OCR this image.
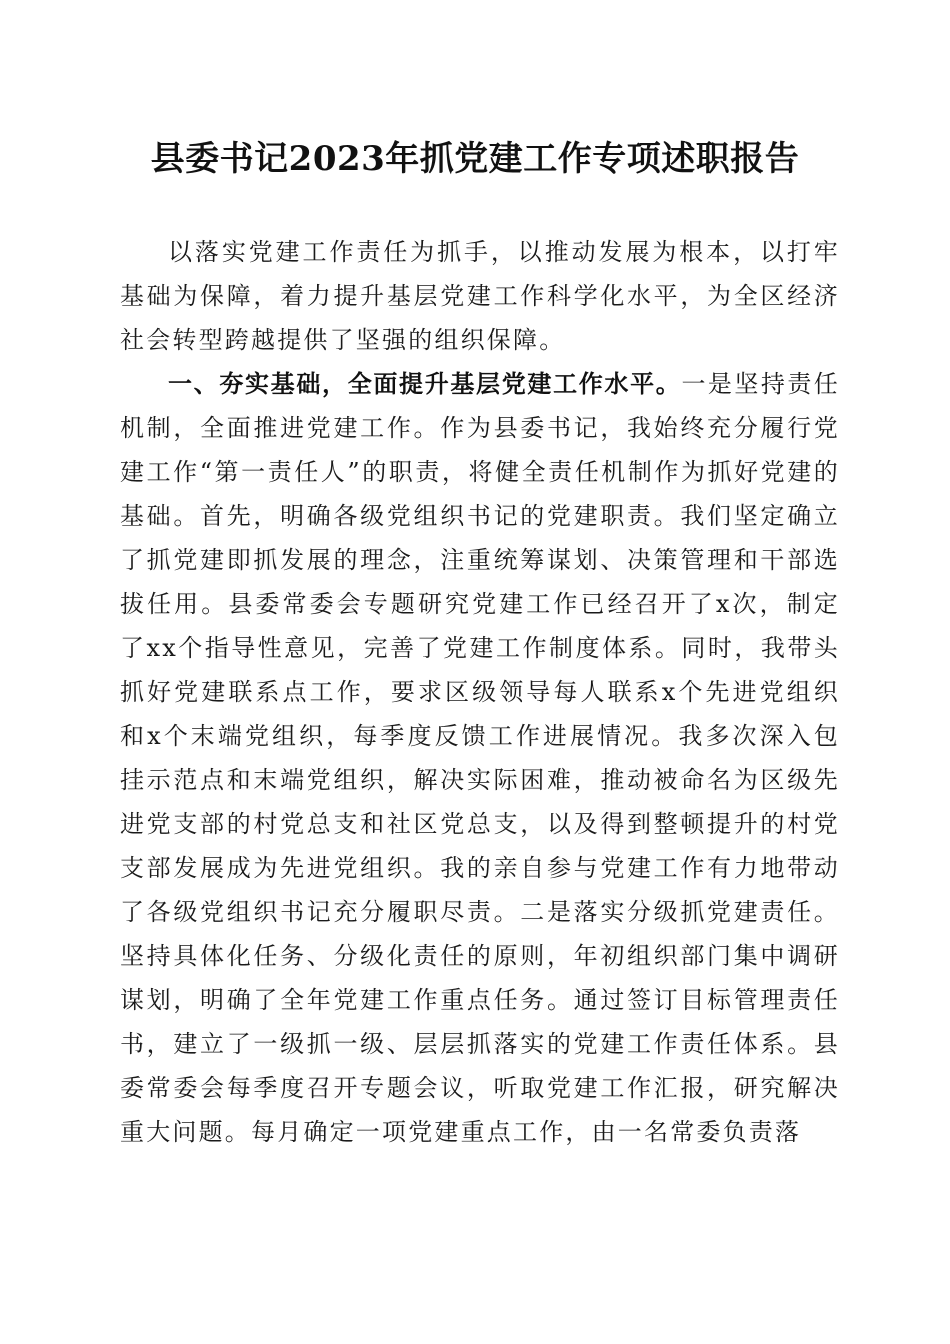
县委书记2023年抓党建工作专项述职报告

以落实党建工作责任为抓手，以推动发展为根本，以打牢基础为保障，着力提升基层党建工作科学化水平，为全区经济社会转型跨越提供了坚强的组织保障。

一、夯实基础，全面提升基层党建工作水平。一是坚持责任机制，全面推进党建工作。作为县委书记，我始终充分履行党建工作“第一责任人”的职责，将健全责任机制作为抓好党建的基础。首先，明确各级党组织书记的党建职责。我们坚定确立了抓党建即抓发展的理念，注重统筹谋划、决策管理和干部选拔任用。县委常委会专题研究党建工作已经召开了x次，制定了xx个指导性意见，完善了党建工作制度体系。同时，我带头抓好党建联系点工作，要求区级领导每人联系x个先进党组织和x个末端党组织，每季度反馈工作进展情况。我多次深入包挂示范点和末端党组织，解决实际困难，推动被命名为区级先进党支部的村党总支和社区党总支，以及得到整顿提升的村党支部发展成为先进党组织。我的亲自参与党建工作有力地带动了各级党组织书记充分履职尽责。二是落实分级抓党建责任。坚持具体化任务、分级化责任的原则，年初组织部门集中调研谋划，明确了全年党建工作重点任务。通过签订目标管理责任书，建立了一级抓一级、层层抓落实的党建工作责任体系。县委常委会每季度召开专题会议，听取党建工作汇报，研究解决重大问题。每月确定一项党建重点工作，由一名常委负责落
